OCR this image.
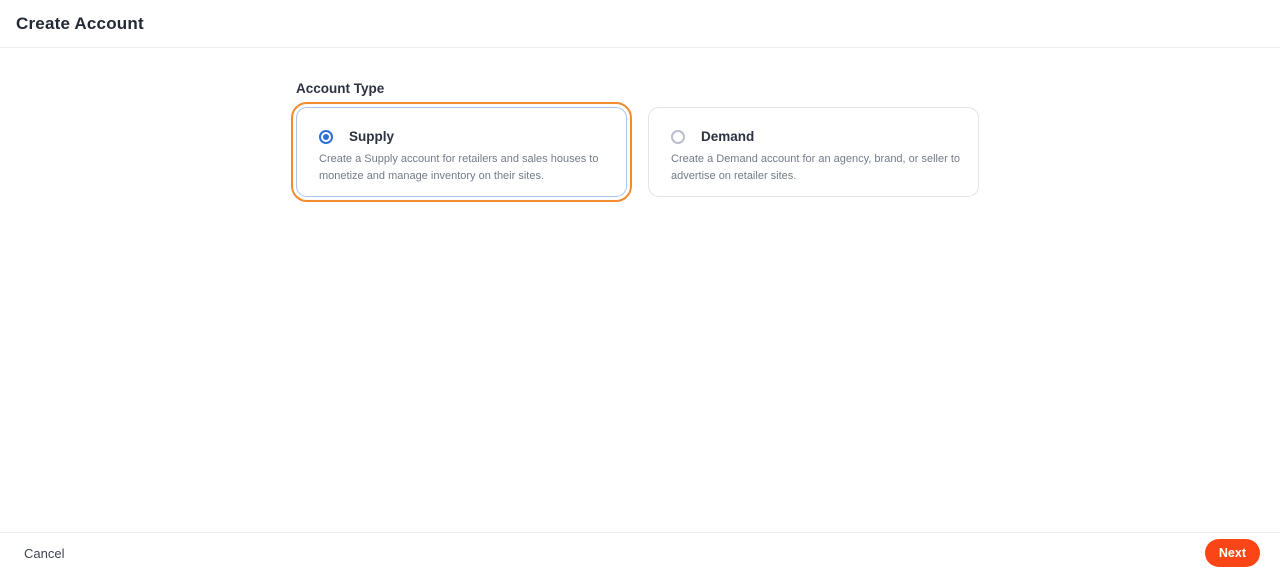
Create Account
Account Type
Supply
Create a Supply account for retailers and sales houses to monetize and manage inventory on their sites.
Demand
Create a Demand account for an agency, brand, or seller to advertise on retailer sites.
Cancel	Next
